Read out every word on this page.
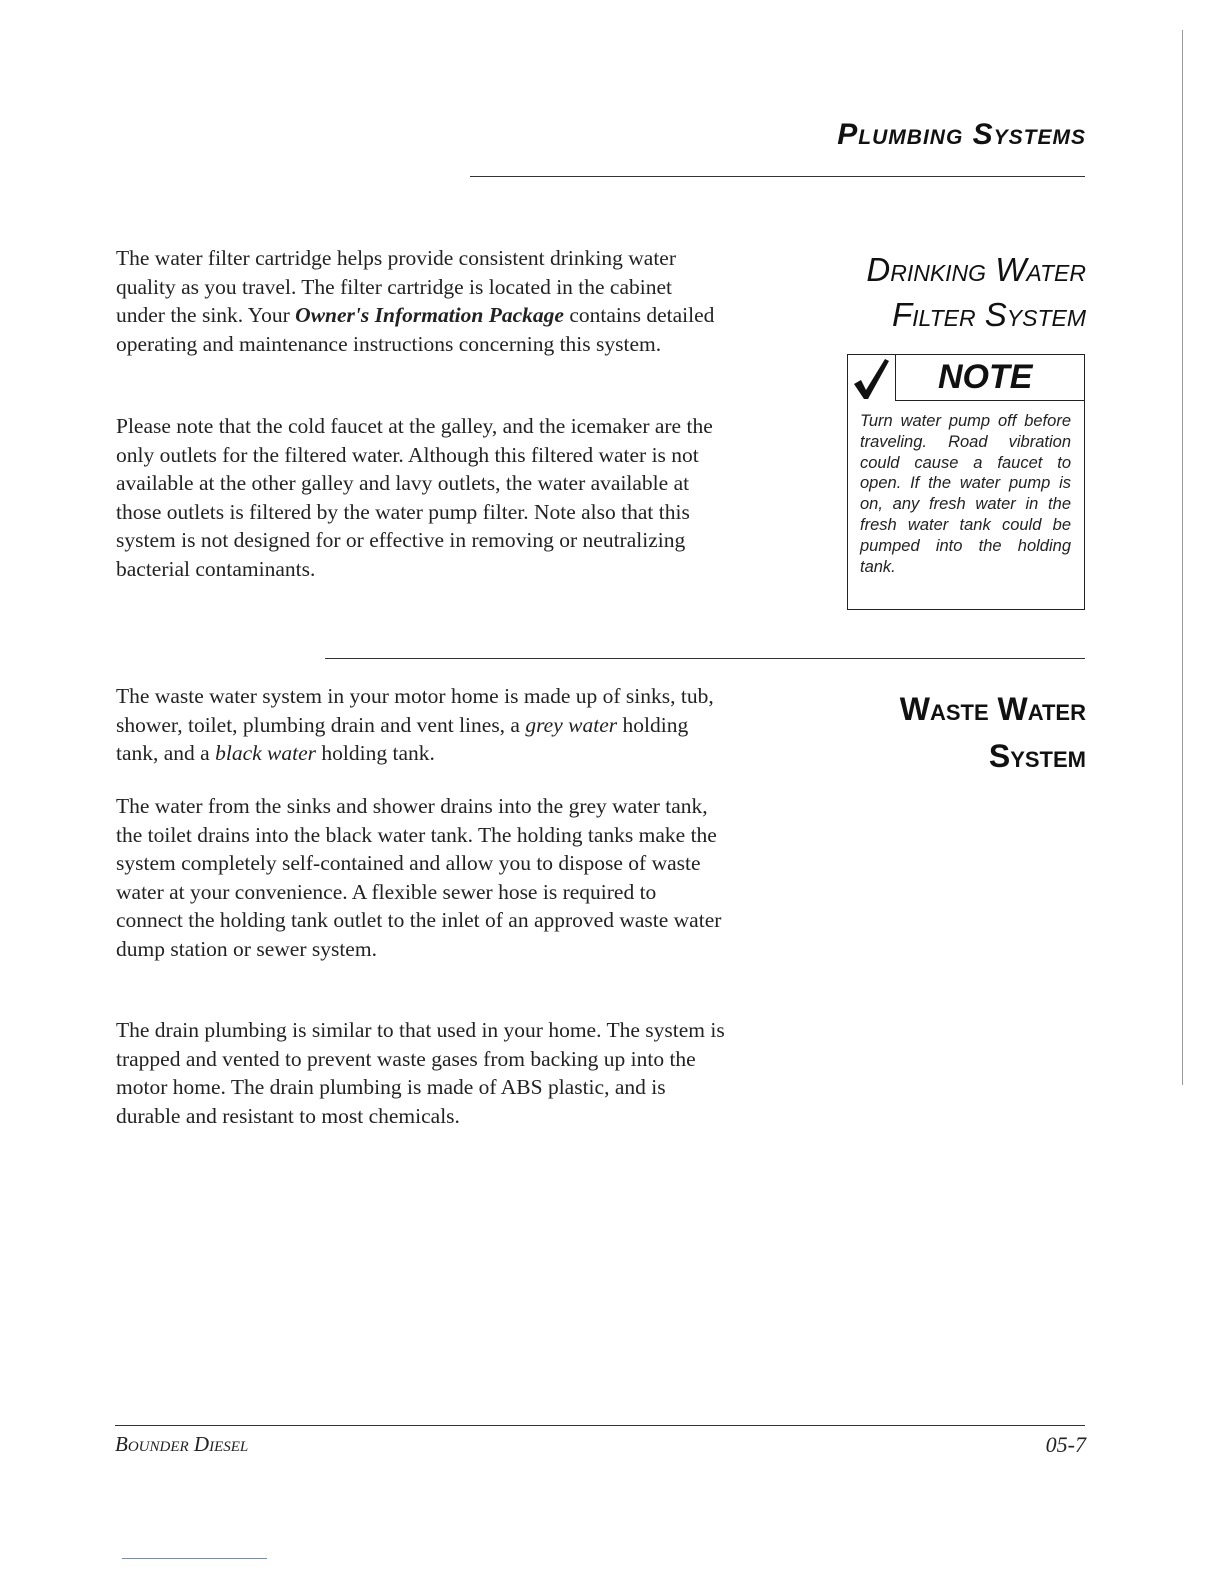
Plumbing Systems

The water filter cartridge helps provide consistent drinking water quality as you travel. The filter cartridge is located in the cabinet under the sink. Your Owner's Information Package contains detailed operating and maintenance instructions concerning this system.

Please note that the cold faucet at the galley, and the icemaker are the only outlets for the filtered water. Although this filtered water is not available at the other galley and lavy outlets, the water available at those outlets is filtered by the water pump filter. Note also that this system is not designed for or effective in removing or neutralizing bacterial contaminants.

Drinking Water

Filter System

NOTE

Turn water pump off before traveling. Road vibration could cause a faucet to open. If the water pump is on, any fresh water in the fresh water tank could be pumped into the holding tank.

The waste water system in your motor home is made up of sinks, tub, shower, toilet, plumbing drain and vent lines, a grey water holding tank, and a black water holding tank.

The water from the sinks and shower drains into the grey water tank, the toilet drains into the black water tank. The holding tanks make the system completely self-contained and allow you to dispose of waste water at your convenience. A flexible sewer hose is required to connect the holding tank outlet to the inlet of an approved waste water dump station or sewer system.

The drain plumbing is similar to that used in your home. The system is trapped and vented to prevent waste gases from backing up into the motor home. The drain plumbing is made of ABS plastic, and is durable and resistant to most chemicals.

Waste Water

System

Bounder Diesel	05-7
